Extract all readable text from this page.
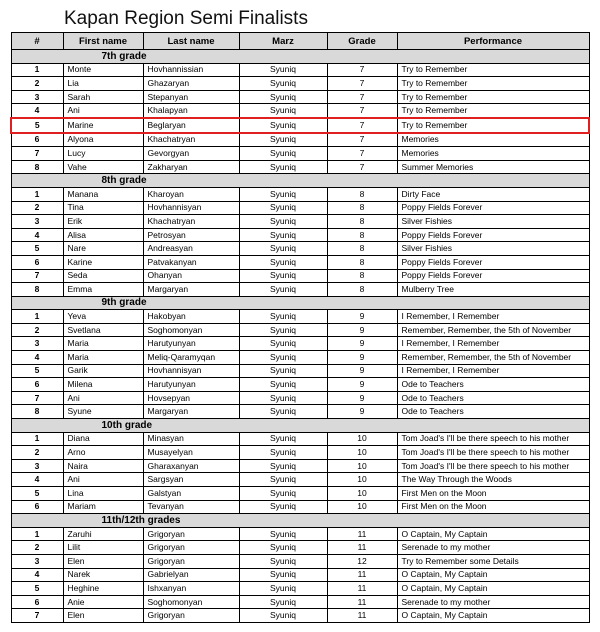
Kapan Region Semi Finalists
#	First name	Last name	Marz	Grade	Performance
7th grade					
1	Monte	Hovhannissian	Syuniq	7	Try to Remember
2	Lia	Ghazaryan	Syuniq	7	Try to Remember
3	Sarah	Stepanyan	Syuniq	7	Try to Remember
4	Ani	Khalapyan	Syuniq	7	Try to Remember
5	Marine	Beglaryan	Syuniq	7	Try to Remember
6	Alyona	Khachatryan	Syuniq	7	Memories
7	Lucy	Gevorgyan	Syuniq	7	Memories
8	Vahe	Zakharyan	Syuniq	7	Summer Memories
8th grade					
1	Manana	Kharoyan	Syuniq	8	Dirty Face
2	Tina	Hovhannisyan	Syuniq	8	Poppy Fields Forever
3	Erik	Khachatryan	Syuniq	8	Silver Fishies
4	Alisa	Petrosyan	Syuniq	8	Poppy Fields Forever
5	Nare	Andreasyan	Syuniq	8	Silver Fishies
6	Karine	Patvakanyan	Syuniq	8	Poppy Fields Forever
7	Seda	Ohanyan	Syuniq	8	Poppy Fields Forever
8	Emma	Margaryan	Syuniq	8	Mulberry Tree
9th grade					
1	Yeva	Hakobyan	Syuniq	9	I Remember, I Remember
2	Svetlana	Soghomonyan	Syuniq	9	Remember, Remember, the 5th of November
3	Maria	Harutyunyan	Syuniq	9	I Remember, I Remember
4	Maria	Meliq-Qaramyqan	Syuniq	9	Remember, Remember, the 5th of November
5	Garik	Hovhannisyan	Syuniq	9	I Remember, I Remember
6	Milena	Harutyunyan	Syuniq	9	Ode to Teachers
7	Ani	Hovsepyan	Syuniq	9	Ode to Teachers
8	Syune	Margaryan	Syuniq	9	Ode to Teachers
10th grade					
1	Diana	Minasyan	Syuniq	10	Tom Joad's I'll be there speech to his mother
2	Arno	Musayelyan	Syuniq	10	Tom Joad's I'll be there speech to his mother
3	Naira	Gharaxanyan	Syuniq	10	Tom Joad's I'll be there speech to his mother
4	Ani	Sargsyan	Syuniq	10	The Way Through the Woods
5	Lina	Galstyan	Syuniq	10	First Men on the Moon
6	Mariam	Tevanyan	Syuniq	10	First Men on the Moon
11th/12th grades					
1	Zaruhi	Grigoryan	Syuniq	11	O Captain, My Captain
2	Lilit	Grigoryan	Syuniq	11	Serenade to my mother
3	Elen	Grigoryan	Syuniq	12	Try to Remember some Details
4	Narek	Gabrielyan	Syuniq	11	O Captain, My Captain
5	Heghine	Ishxanyan	Syuniq	11	O Captain, My Captain
6	Anie	Soghomonyan	Syuniq	11	Serenade to my mother
7	Elen	Grigoryan	Syuniq	11	O Captain, My Captain
